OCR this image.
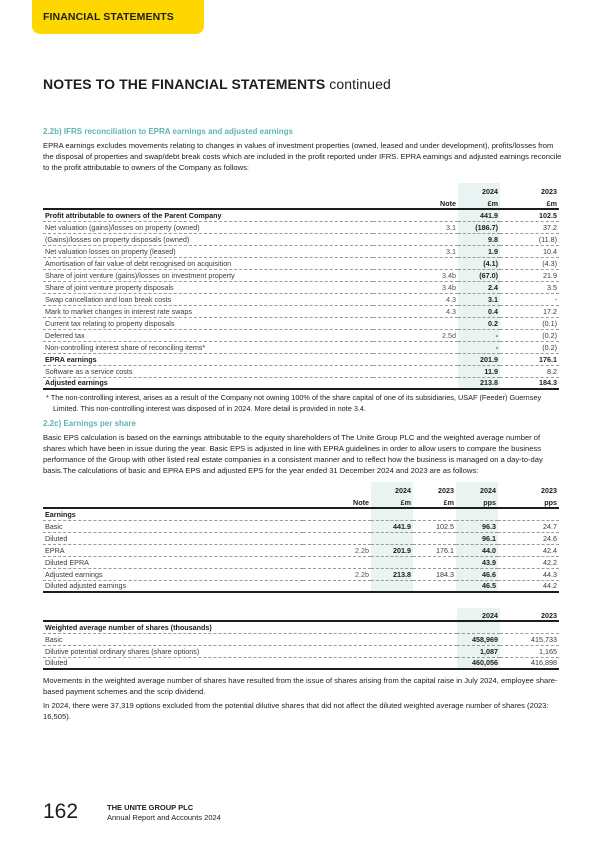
FINANCIAL STATEMENTS
NOTES TO THE FINANCIAL STATEMENTS continued
2.2b) IFRS reconciliation to EPRA earnings and adjusted earnings
EPRA earnings excludes movements relating to changes in values of investment properties (owned, leased and under development), profits/losses from the disposal of properties and swap/debt break costs which are included in the profit reported under IFRS. EPRA earnings and adjusted earnings reconcile to the profit attributable to owners of the Company as follows:
		2024	2023
	Note	£m	£m
Profit attributable to owners of the Parent Company		441.9	102.5
Net valuation (gains)/losses on property (owned)	3.1	(186.7)	37.2
(Gains)/losses on property disposals (owned)		9.8	(11.8)
Net valuation losses on property (leased)	3.1	1.9	10.4
Amortisation of fair value of debt recognised on acquisition		(4.1)	(4.3)
Share of joint venture (gains)/losses on investment property	3.4b	(67.0)	21.9
Share of joint venture property disposals	3.4b	2.4	3.5
Swap cancellation and loan break costs	4.3	3.1	-
Mark to market changes in interest rate swaps	4.3	0.4	17.2
Current tax relating to property disposals		0.2	(0.1)
Deferred tax	2.5d	-	(0.2)
Non-controlling interest share of reconciling items*		-	(0.2)
EPRA earnings		201.9	176.1
Software as a service costs		11.9	8.2
Adjusted earnings		213.8	184.3
* The non-controlling interest, arises as a result of the Company not owning 100% of the share capital of one of its subsidiaries, USAF (Feeder) Guernsey Limited. This non-controlling interest was disposed of in 2024. More detail is provided in note 3.4.
2.2c) Earnings per share
Basic EPS calculation is based on the earnings attributable to the equity shareholders of The Unite Group PLC and the weighted average number of shares which have been in issue during the year. Basic EPS is adjusted in line with EPRA guidelines in order to allow users to compare the business performance of the Group with other listed real estate companies in a consistent manner and to reflect how the business is managed on a day-to-day basis.The calculations of basic and EPRA EPS and adjusted EPS for the year ended 31 December 2024 and 2023 are as follows:
		2024	2023	2024	2023
	Note	£m	£m	pps	pps
Earnings					
Basic		441.9	102.5	96.3	24.7
Diluted				96.1	24.6
EPRA	2.2b	201.9	176.1	44.0	42.4
Diluted EPRA				43.9	42.2
Adjusted earnings	2.2b	213.8	184.3	46.6	44.3
Diluted adjusted earnings				46.5	44.2
	2024	2023
Weighted average number of shares (thousands)		
Basic	458,969	415,733
Dilutive potential ordinary shares (share options)	1,087	1,165
Diluted	460,056	416,898
Movements in the weighted average number of shares have resulted from the issue of shares arising from the capital raise in July 2024, employee share-based payment schemes and the scrip dividend.
In 2024, there were 37,319 options excluded from the potential dilutive shares that did not affect the diluted weighted average number of shares (2023: 16,505).
162	THE UNITE GROUP PLC
Annual Report and Accounts 2024
